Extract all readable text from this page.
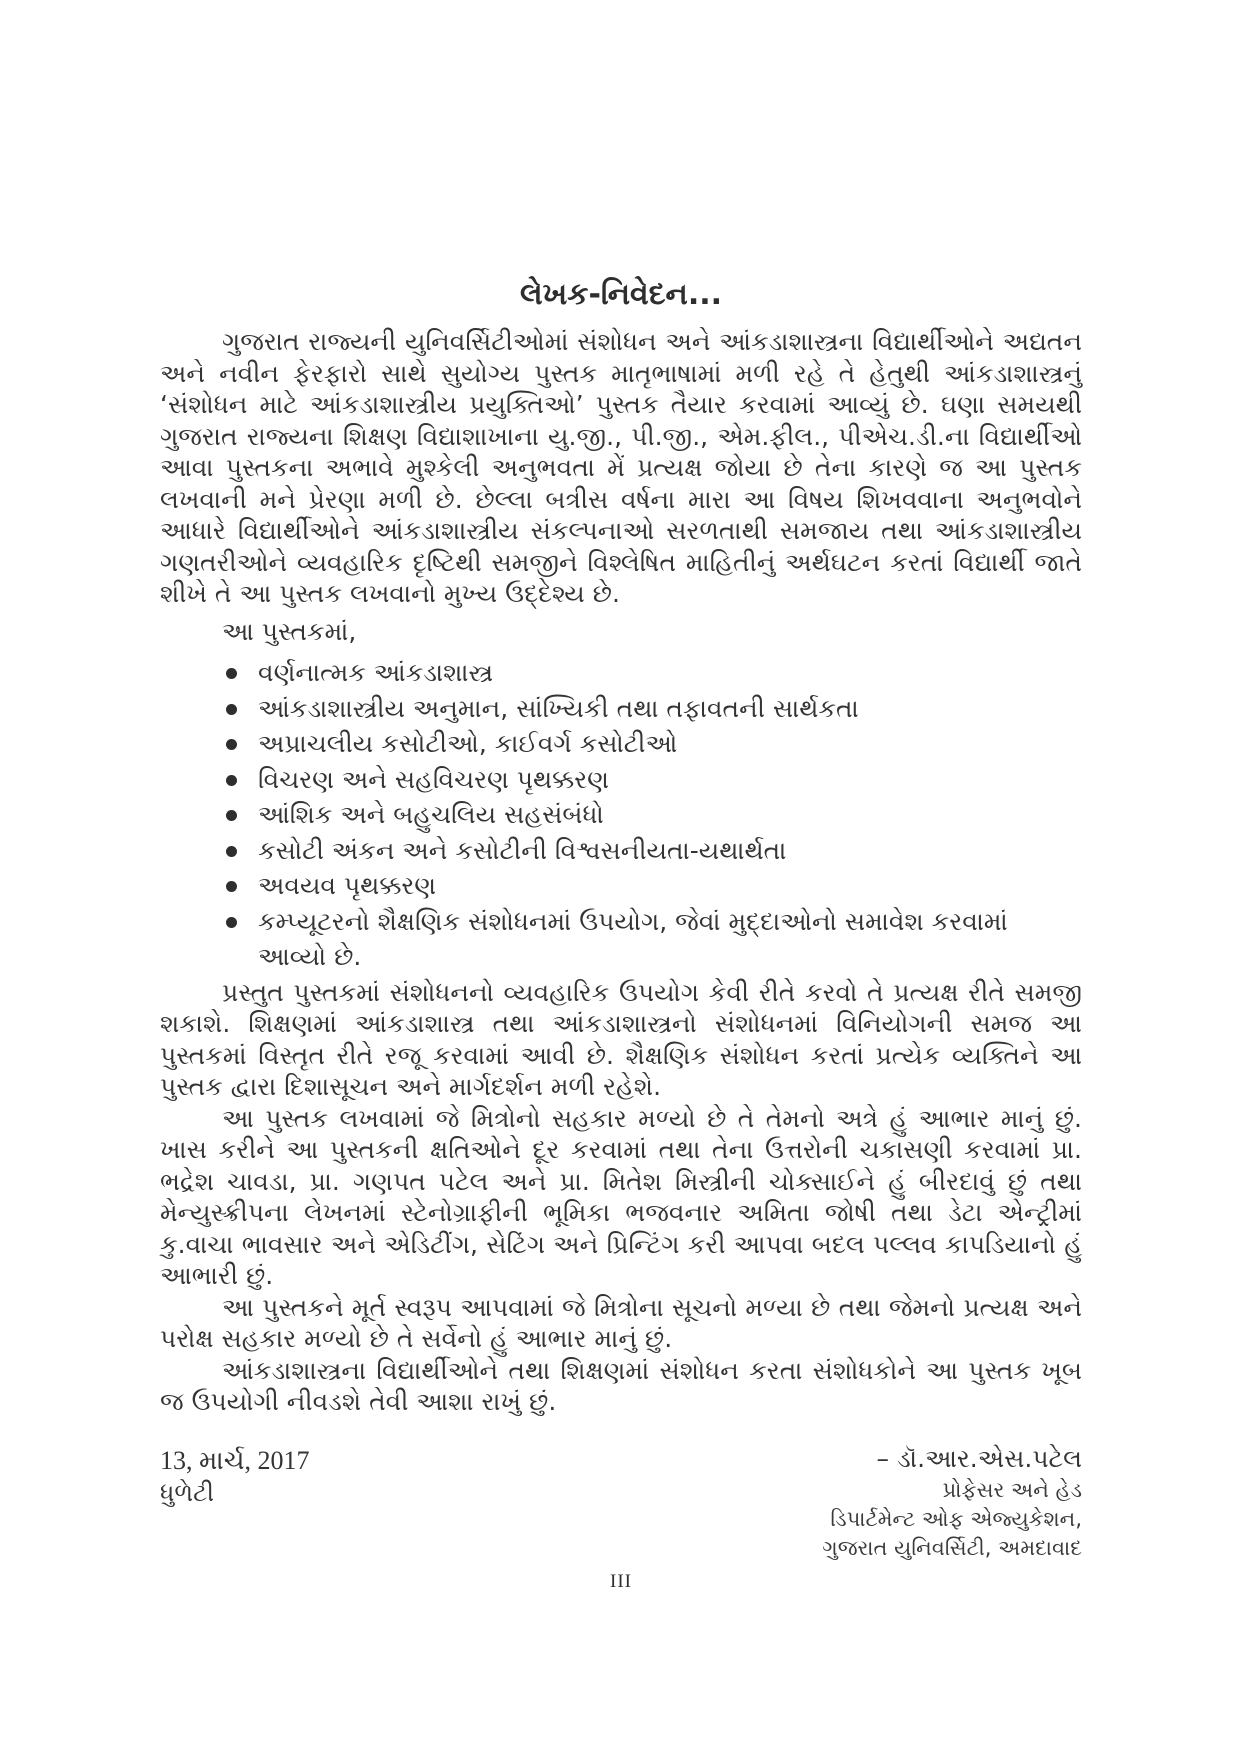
લેખક-નિવેદન...

ગુજરાત રાજ્યની યુનિવર્સિટીઓમાં સંશોધન અને આંકડાશાસ્ત્રના વિદ્યાર્થીઓને અદ્યતન અને નવીન ફેરફારો સાથે સુયોગ્ય પુસ્તક માતૃભાષામાં મળી રહે તે હેતુથી આંકડાશાસ્ત્રનું ‘સંશોધન માટે આંકડાશાસ્ત્રીય પ્રયુક્તિઓ’ પુસ્તક તૈયાર કરવામાં આવ્યું છે. ઘણા સમયથી ગુજરાત રાજ્યના શિક્ષણ વિદ્યાશાખાના યુ.જી., પી.જી., એમ.ફીલ., પીએચ.ડી.ના વિદ્યાર્થીઓ આવા પુસ્તકના અભાવે મુશ્કેલી અનુભવતા મેં પ્રત્યક્ષ જોયા છે તેના કારણે જ આ પુસ્તક લખવાની મને પ્રેરણા મળી છે. છેલ્લા બત્રીસ વર્ષના મારા આ વિષય શિખવવાના અનુભવોને આધારે વિદ્યાર્થીઓને આંકડાશાસ્ત્રીય સંકલ્પનાઓ સરળતાથી સમજાય તથા આંકડાશાસ્ત્રીય ગણતરીઓને વ્યવહારિક દૃષ્ટિથી સમજીને વિશ્લેષિત માહિતીનું અર્થઘટન કરતાં વિદ્યાર્થી જાતે શીખે તે આ પુસ્તક લખવાનો મુખ્ય ઉદ્દેશ્ય છે.

આ પુસ્તકમાં,

વર્ણનાત્મક આંકડાશાસ્ત્ર
આંકડાશાસ્ત્રીય અનુમાન, સાંખ્યિકી તથા તફાવતની સાર્થકતા
અપ્રાચલીય કસોટીઓ, કાઈવર્ગ કસોટીઓ
વિચરણ અને સહવિચરણ પૃથક્કરણ
આંશિક અને બહુચલિય સહસંબંધો
કસોટી અંકન અને કસોટીની વિશ્વસનીયતા-યથાર્થતા
અવયવ પૃથક્કરણ
કમ્પ્યૂટરનો શૈક્ષણિક સંશોધનમાં ઉપયોગ, જેવાં મુદ્દાઓનો સમાવેશ કરવામાં આવ્યો છે.

પ્રસ્તુત પુસ્તકમાં સંશોધનનો વ્યવહારિક ઉપયોગ કેવી રીતે કરવો તે પ્રત્યક્ષ રીતે સમજી શકાશે. શિક્ષણમાં આંકડાશાસ્ત્ર તથા આંકડાશાસ્ત્રનો સંશોધનમાં વિનિયોગની સમજ આ પુસ્તકમાં વિસ્તૃત રીતે રજૂ કરવામાં આવી છે. શૈક્ષણિક સંશોધન કરતાં પ્રત્યેક વ્યક્તિને આ પુસ્તક દ્વારા દિશાસૂચન અને માર્ગદર્શન મળી રહેશે.

આ પુસ્તક લખવામાં જે મિત્રોનો સહકાર મળ્યો છે તે તેમનો અત્રે હું આભાર માનું છું. ખાસ કરીને આ પુસ્તકની ક્ષતિઓને દૂર કરવામાં તથા તેના ઉત્તરોની ચકાસણી કરવામાં પ્રા. ભદ્રેશ ચાવડા, પ્રા. ગણપત પટેલ અને પ્રા. મિતેશ મિસ્ત્રીની ચોક્સાઈને હું બીરદાવું છું તથા મેન્યુસ્ક્રીપના લેખનમાં સ્ટેનોગ્રાફીની ભૂમિકા ભજવનાર અમિતા જોષી તથા ડેટા એન્ટ્રીમાં કુ.વાચા ભાવસાર અને એડિટીંગ, સેટિંગ અને પ્રિન્ટિંગ કરી આપવા બદલ પલ્લવ કાપડિયાનો હું આભારી છું.

આ પુસ્તકને મૂર્ત સ્વરૂપ આપવામાં જે મિત્રોના સૂચનો મળ્યા છે તથા જેમનો પ્રત્યક્ષ અને પરોક્ષ સહકાર મળ્યો છે તે સર્વેનો હું આભાર માનું છું.

આંકડાશાસ્ત્રના વિદ્યાર્થીઓને તથા શિક્ષણમાં સંશોધન કરતા સંશોધકોને આ પુસ્તક ખૂબ જ ઉપયોગી નીવડશે તેવી આશા રાખું છું.

13, માર્ચ, 2017
ધુળેટી
– ડૉ.આર.એસ.પટેલ
પ્રોફેસર અને હેડ
ડિપાર્ટમેન્ટ ઓફ એજ્યુકેશન,
ગુજરાત યુનિવર્સિટી, અમદાવાદ
III
